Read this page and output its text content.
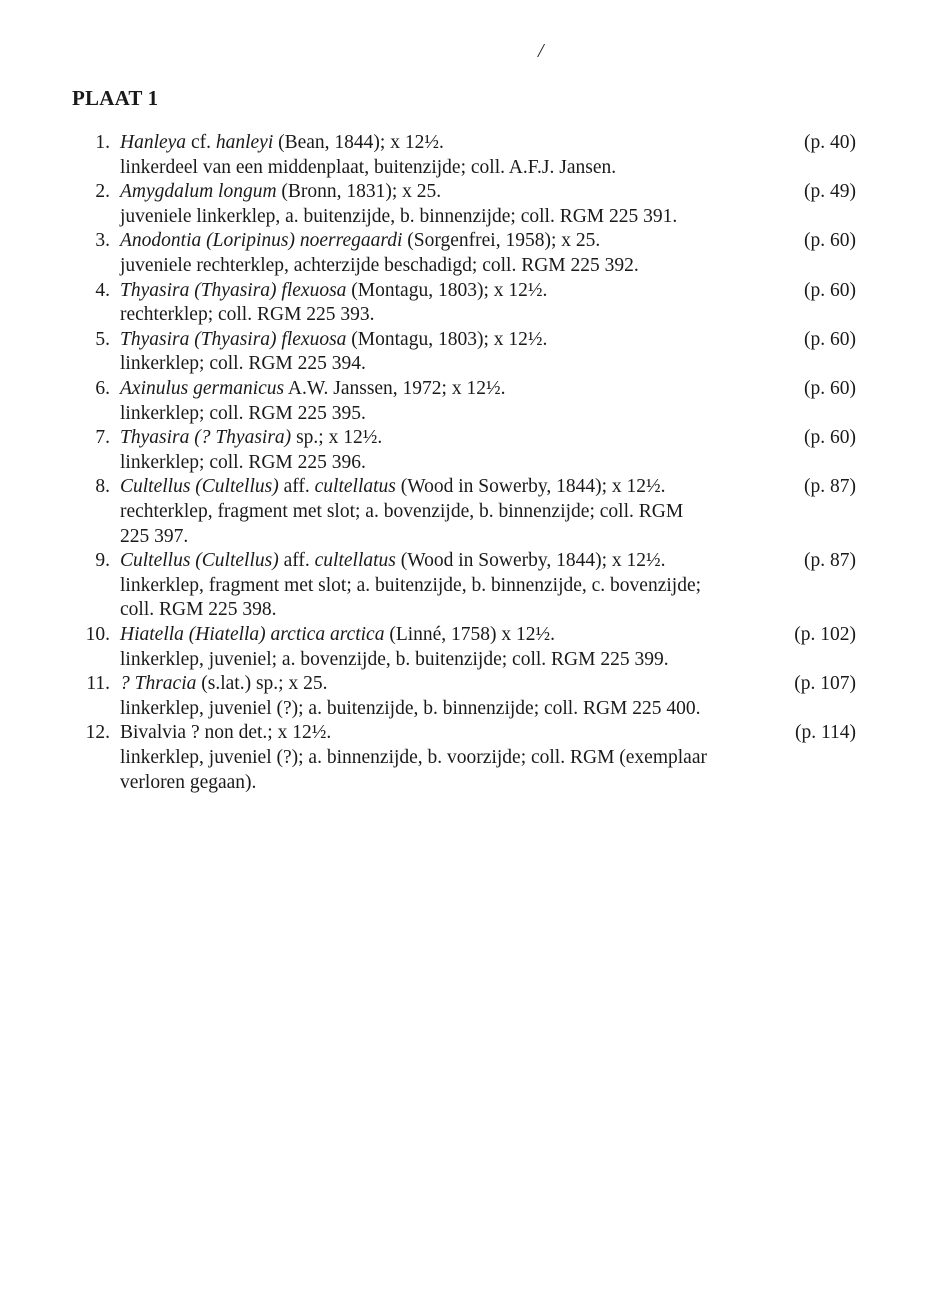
/
PLAAT 1
1. Hanleya cf. hanleyi (Bean, 1844); x 12½.	(p. 40)
linkerdeel van een middenplaat, buitenzijde; coll. A.F.J. Jansen.
2. Amygdalum longum (Bronn, 1831); x 25.	(p. 49)
juveniele linkerklep, a. buitenzijde, b. binnenzijde; coll. RGM 225 391.
3. Anodontia (Loripinus) noerregaardi (Sorgenfrei, 1958); x 25.	(p. 60)
juveniele rechterklep, achterzijde beschadigd; coll. RGM 225 392.
4. Thyasira (Thyasira) flexuosa (Montagu, 1803); x 12½.	(p. 60)
rechterklep; coll. RGM 225 393.
5. Thyasira (Thyasira) flexuosa (Montagu, 1803); x 12½.	(p. 60)
linkerklep; coll. RGM 225 394.
6. Axinulus germanicus A.W. Janssen, 1972; x 12½.	(p. 60)
linkerklep; coll. RGM 225 395.
7. Thyasira (? Thyasira) sp.; x 12½.	(p. 60)
linkerklep; coll. RGM 225 396.
8. Cultellus (Cultellus) aff. cultellatus (Wood in Sowerby, 1844); x 12½.	(p. 87)
rechterklep, fragment met slot; a. bovenzijde, b. binnenzijde; coll. RGM
225 397.
9. Cultellus (Cultellus) aff. cultellatus (Wood in Sowerby, 1844); x 12½.	(p. 87)
linkerklep, fragment met slot; a. buitenzijde, b. binnenzijde, c. bovenzijde;
coll. RGM 225 398.
10. Hiatella (Hiatella) arctica arctica (Linné, 1758) x 12½.	(p. 102)
linkerklep, juveniel; a. bovenzijde, b. buitenzijde; coll. RGM 225 399.
11. ? Thracia (s.lat.) sp.; x 25.	(p. 107)
linkerklep, juveniel (?); a. buitenzijde, b. binnenzijde; coll. RGM 225 400.
12. Bivalvia ? non det.; x 12½.	(p. 114)
linkerklep, juveniel (?); a. binnenzijde, b. voorzijde; coll. RGM (exemplaar
verloren gegaan).
